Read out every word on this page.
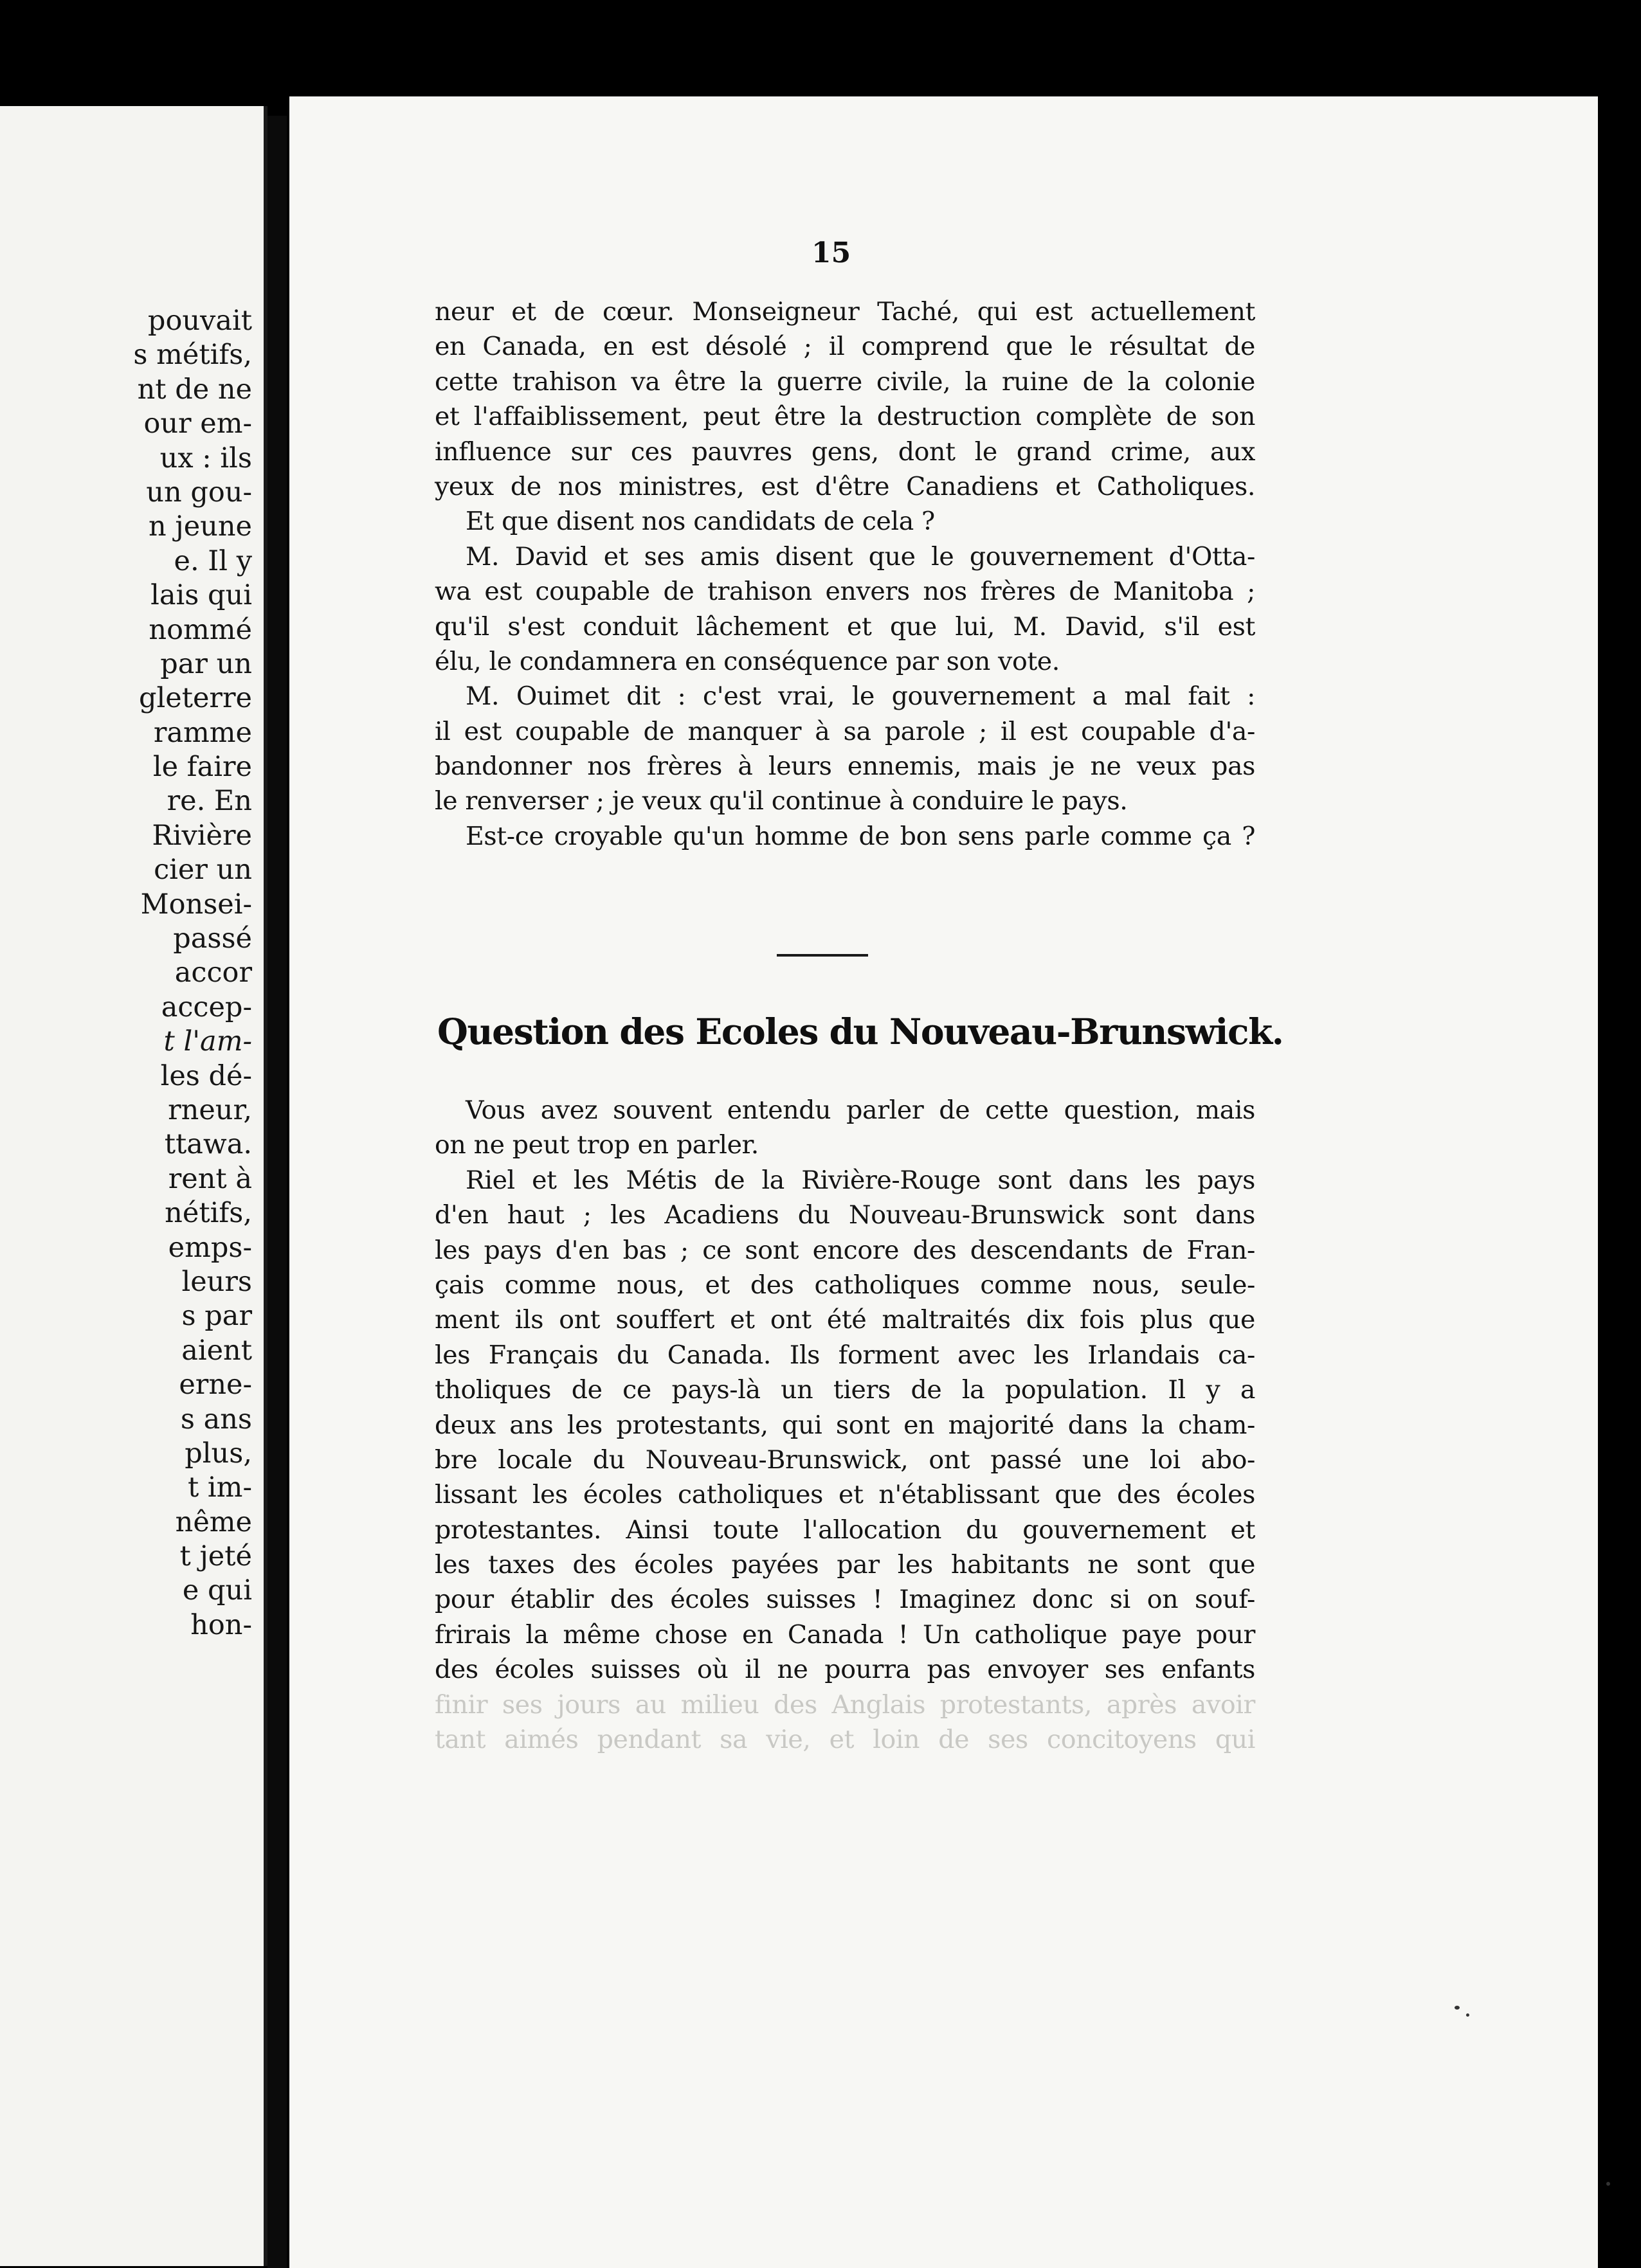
pouvait
s métifs,
nt de ne
our em-
ux : ils
un gou-
n jeune
e. Il y
lais qui
nommé
par un
gleterre
ramme
le faire
re. En
Rivière
cier un
Monsei-
passé
accor
accep-
t l'am-
les dé-
rneur,
ttawa.
rent à
nétifs,
emps-
leurs
s par
aient
erne-
s ans
plus,
t im-
nême
t jeté
e qui
hon-
15
neur et de cœur. Monseigneur Taché, qui est actuellement
en Canada, en est désolé ; il comprend que le résultat de
cette trahison va être la guerre civile, la ruine de la colonie
et l'affaiblissement, peut être la destruction complète de son
influence sur ces pauvres gens, dont le grand crime, aux
yeux de nos ministres, est d'être Canadiens et Catholiques.
Et que disent nos candidats de cela ?
M. David et ses amis disent que le gouvernement d'Otta-
wa est coupable de trahison envers nos frères de Manitoba ;
qu'il s'est conduit lâchement et que lui, M. David, s'il est
élu, le condamnera en conséquence par son vote.
M. Ouimet dit : c'est vrai, le gouvernement a mal fait :
il est coupable de manquer à sa parole ; il est coupable d'a-
bandonner nos frères à leurs ennemis, mais je ne veux pas
le renverser ; je veux qu'il continue à conduire le pays.
Est-ce croyable qu'un homme de bon sens parle comme ça ?
Question des Ecoles du Nouveau-Brunswick.
Vous avez souvent entendu parler de cette question, mais
on ne peut trop en parler.
Riel et les Métis de la Rivière-Rouge sont dans les pays
d'en haut ; les Acadiens du Nouveau-Brunswick sont dans
les pays d'en bas ; ce sont encore des descendants de Fran-
çais comme nous, et des catholiques comme nous, seule-
ment ils ont souffert et ont été maltraités dix fois plus que
les Français du Canada. Ils forment avec les Irlandais ca-
tholiques de ce pays-là un tiers de la population. Il y a
deux ans les protestants, qui sont en majorité dans la cham-
bre locale du Nouveau-Brunswick, ont passé une loi abo-
lissant les écoles catholiques et n'établissant que des écoles
protestantes. Ainsi toute l'allocation du gouvernement et
les taxes des écoles payées par les habitants ne sont que
pour établir des écoles suisses ! Imaginez donc si on souf-
frirais la même chose en Canada ! Un catholique paye pour
des écoles suisses où il ne pourra pas envoyer ses enfants
finir ses jours au milieu des Anglais protestants, après avoir
tant aimés pendant sa vie, et loin de ses concitoyens qui
